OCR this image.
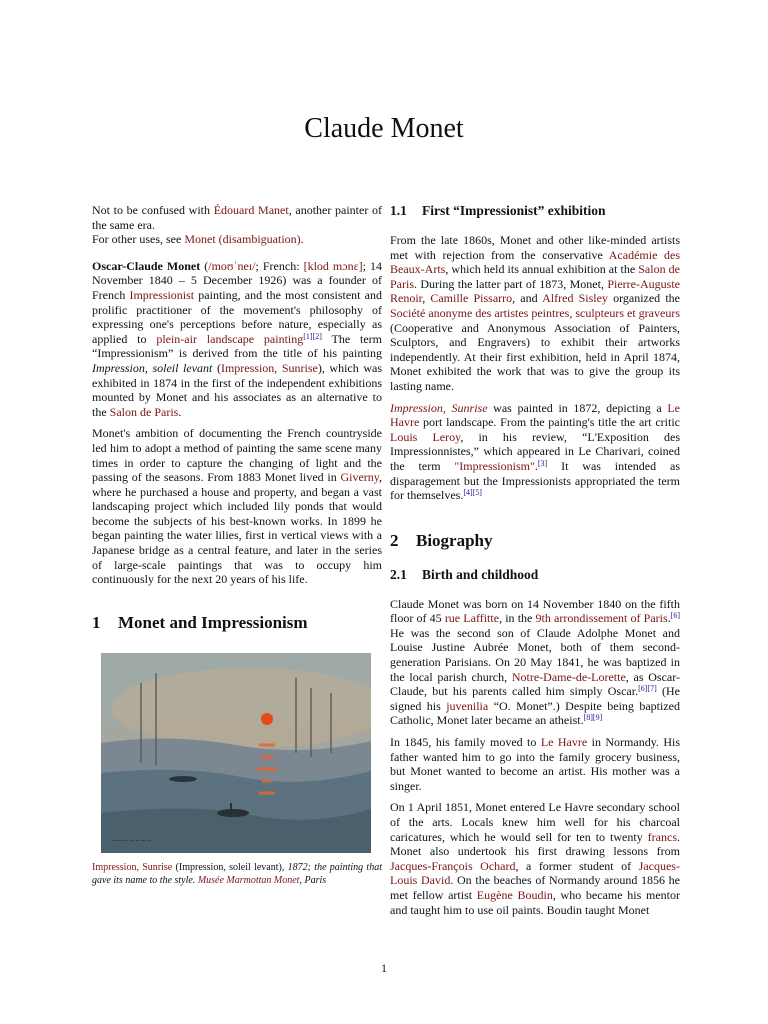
Claude Monet
Not to be confused with Édouard Manet, another painter of the same era.
For other uses, see Monet (disambiguation).

Oscar-Claude Monet (/moʊˈneɪ/; French: [klod mɔnɛ]; 14 November 1840 – 5 December 1926) was a founder of French Impressionist painting, and the most consistent and prolific practitioner of the movement's philosophy of expressing one's perceptions before nature, especially as applied to plein-air landscape painting[1][2] The term “Impressionism” is derived from the title of his painting Impression, soleil levant (Impression, Sunrise), which was exhibited in 1874 in the first of the independent exhibitions mounted by Monet and his associates as an alternative to the Salon de Paris.

Monet's ambition of documenting the French countryside led him to adopt a method of painting the same scene many times in order to capture the changing of light and the passing of the seasons. From 1883 Monet lived in Giverny, where he purchased a house and property, and began a vast landscaping project which included lily ponds that would become the subjects of his best-known works. In 1899 he began painting the water lilies, first in vertical views with a Japanese bridge as a central feature, and later in the series of large-scale paintings that was to occupy him continuously for the next 20 years of his life.

1 Monet and Impressionism
~~~~~~~
Impression, Sunrise (Impression, soleil levant), 1872; the painting that gave its name to the style. Musée Marmottan Monet, Paris
1.1 First “Impressionist” exhibition

From the late 1860s, Monet and other like-minded artists met with rejection from the conservative Académie des Beaux-Arts, which held its annual exhibition at the Salon de Paris. During the latter part of 1873, Monet, Pierre-Auguste Renoir, Camille Pissarro, and Alfred Sisley organized the Société anonyme des artistes peintres, sculpteurs et graveurs (Cooperative and Anonymous Association of Painters, Sculptors, and Engravers) to exhibit their artworks independently. At their first exhibition, held in April 1874, Monet exhibited the work that was to give the group its lasting name.

Impression, Sunrise was painted in 1872, depicting a Le Havre port landscape. From the painting's title the art critic Louis Leroy, in his review, “L'Exposition des Impressionnistes,” which appeared in Le Charivari, coined the term "Impressionism".[3] It was intended as disparagement but the Impressionists appropriated the term for themselves.[4][5]

2 Biography
2.1 Birth and childhood

Claude Monet was born on 14 November 1840 on the fifth floor of 45 rue Laffitte, in the 9th arrondissement of Paris.[6] He was the second son of Claude Adolphe Monet and Louise Justine Aubrée Monet, both of them second-generation Parisians. On 20 May 1841, he was baptized in the local parish church, Notre-Dame-de-Lorette, as Oscar-Claude, but his parents called him simply Oscar.[6][7] (He signed his juvenilia “O. Monet”.) Despite being baptized Catholic, Monet later became an atheist.[8][9]

In 1845, his family moved to Le Havre in Normandy. His father wanted him to go into the family grocery business, but Monet wanted to become an artist. His mother was a singer.

On 1 April 1851, Monet entered Le Havre secondary school of the arts. Locals knew him well for his charcoal caricatures, which he would sell for ten to twenty francs. Monet also undertook his first drawing lessons from Jacques-François Ochard, a former student of Jacques-Louis David. On the beaches of Normandy around 1856 he met fellow artist Eugène Boudin, who became his mentor and taught him to use oil paints. Boudin taught Monet

1
